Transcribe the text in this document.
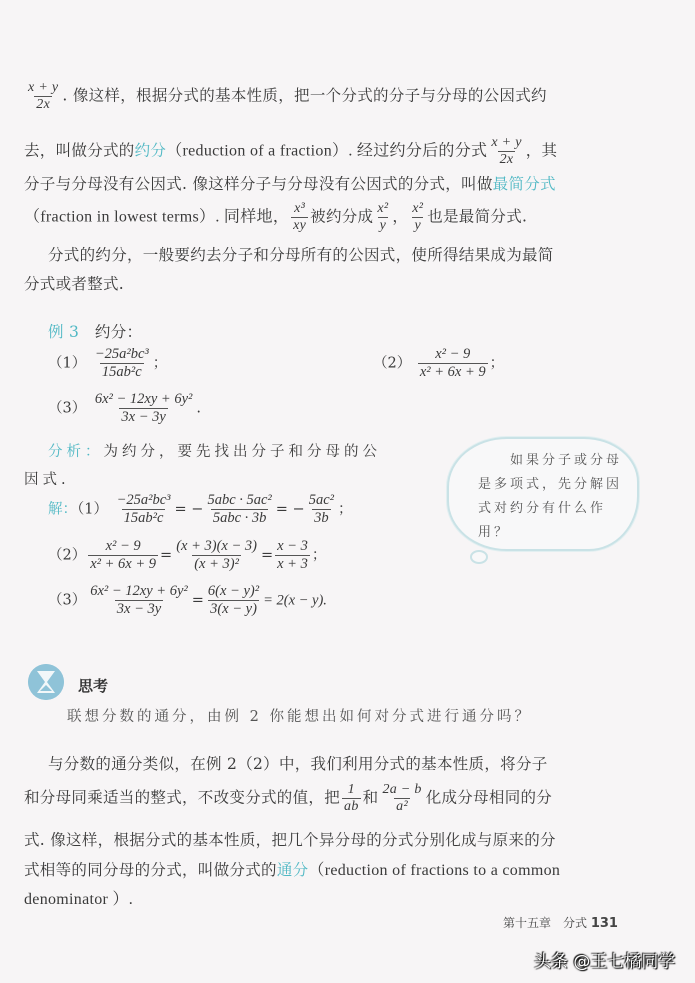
$\frac{x + y}{2x}$ . 像这样，根据分式的基本性质，把一个分式的分子与分母的公因式约
去，叫做分式的约分（reduction of a fraction）. 经过约分后的分式 $\frac{x + y}{2x}$ ，其
分子与分母没有公因式. 像这样分子与分母没有公因式的分式，叫做最简分式
（fraction in lowest terms）. 同样地， $\frac{\text{x³}}{xy}$ 被约分成 $\frac{\text{x²}}{y}$ ， $\frac{\text{x²}}{y}$ 也是最简分式.
分式的约分，一般要约去分子和分母所有的公因式，使所得结果成为最简
分式或者整式.
例 3 约分：
$(1) \frac{\text{−25a²bc³}}{\text{15ab²c}}$ ；	$(2) \frac{\text{x² − 9}}{\text{x² + 6x + 9}}$ ；
$(3) \frac{\text{6x² − 12xy + 6y²}}{3x - 3y}$ .
分析：为约分，要先找出分子和分母的公
因式.
解：$(1) \frac{\text{−25a²bc³}}{\text{15ab²c}}$ = − $\frac{\text{5abc · 5ac²}}{\text{5abc · 3b}}$ = − $\frac{\text{5ac²}}{3b}$ ；
$(2) \frac{\text{x² − 9}}{\text{x² + 6x + 9}} = \frac{(x + 3)(x - 3)}{\text{(x + 3)²}} = \frac{x - 3}{x + 3}$ ；
$(3) \frac{\text{6x² − 12xy + 6y²}}{3x - 3y} = \frac{\text{6(x − y)²}}{3(x - y)} = 2(x - y)$.
　　如果分子或分母是多项式，先分解因式对约分有什么作用？
思考
联想分数的通分，由例 2 你能想出如何对分式进行通分吗？
与分数的通分类似，在例 2（2）中，我们利用分式的基本性质，将分子
和分母同乘适当的整式，不改变分式的值，把 $\frac{1}{ab}$ 和 $\frac{2a - b}{\text{a²}}$ 化成分母相同的分
式. 像这样，根据分式的基本性质，把几个异分母的分式分别化成与原来的分
式相等的同分母的分式，叫做分式的通分（reduction of fractions to a common
denominator ）.
第十五章　分式 131
头条 @王七橘同学
